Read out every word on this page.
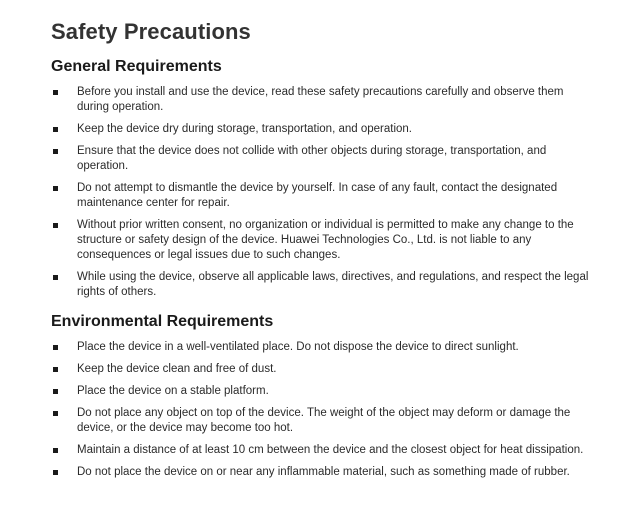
Safety Precautions
General Requirements
Before you install and use the device, read these safety precautions carefully and observe them during operation.
Keep the device dry during storage, transportation, and operation.
Ensure that the device does not collide with other objects during storage, transportation, and operation.
Do not attempt to dismantle the device by yourself. In case of any fault, contact the designated maintenance center for repair.
Without prior written consent, no organization or individual is permitted to make any change to the structure or safety design of the device. Huawei Technologies Co., Ltd. is not liable to any consequences or legal issues due to such changes.
While using the device, observe all applicable laws, directives, and regulations, and respect the legal rights of others.
Environmental Requirements
Place the device in a well-ventilated place. Do not dispose the device to direct sunlight.
Keep the device clean and free of dust.
Place the device on a stable platform.
Do not place any object on top of the device. The weight of the object may deform or damage the device, or the device may become too hot.
Maintain a distance of at least 10 cm between the device and the closest object for heat dissipation.
Do not place the device on or near any inflammable material, such as something made of rubber.
